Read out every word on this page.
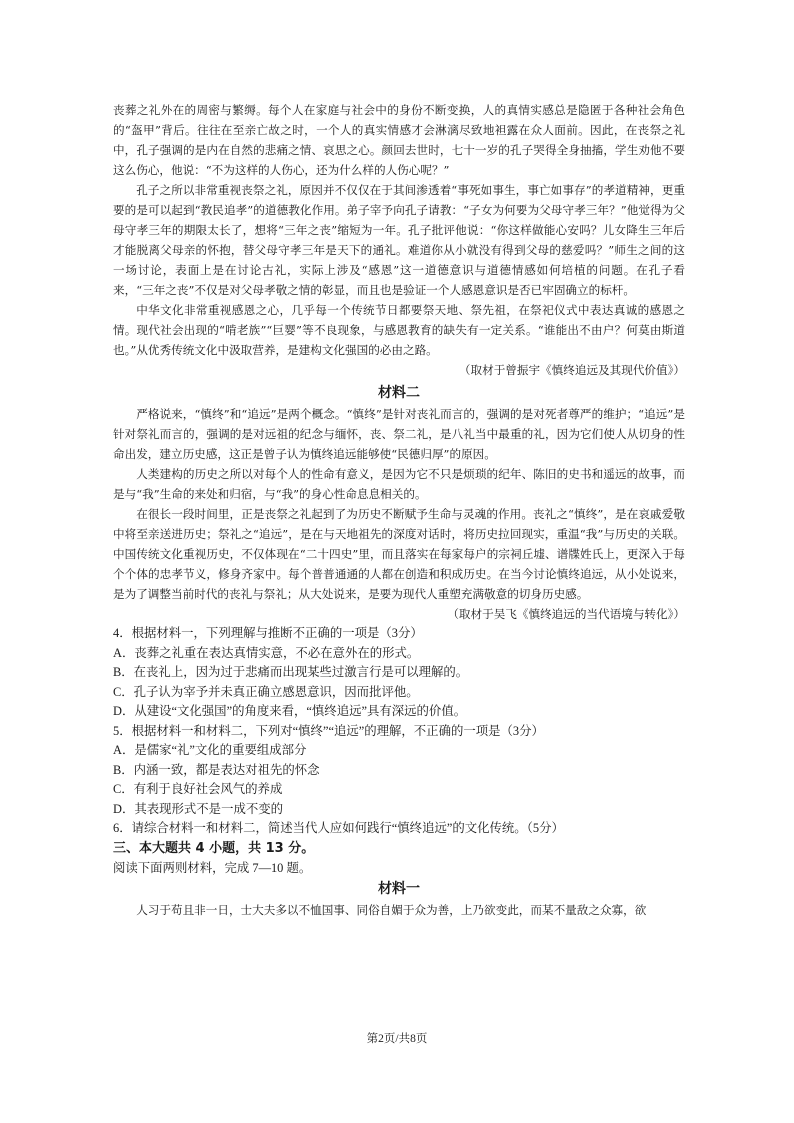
丧葬之礼外在的周密与繁缛。每个人在家庭与社会中的身份不断变换，人的真情实感总是隐匿于各种社会角色的“盔甲”背后。往往在至亲亡故之时，一个人的真实情感才会淋漓尽致地袒露在众人面前。因此，在丧祭之礼中，孔子强调的是内在自然的悲痛之情、哀思之心。颜回去世时，七十一岁的孔子哭得全身抽搐，学生劝他不要这么伤心，他说：“不为这样的人伤心，还为什么样的人伤心呢？”

孔子之所以非常重视丧祭之礼，原因并不仅仅在于其间渗透着“事死如事生，事亡如事存”的孝道精神，更重要的是可以起到“教民追孝”的道德教化作用。弟子宰予向孔子请教：“子女为何要为父母守孝三年？”他觉得为父母守孝三年的期限太长了，想将“三年之丧”缩短为一年。孔子批评他说：“你这样做能心安吗？儿女降生三年后才能脱离父母亲的怀抱，替父母守孝三年是天下的通礼。难道你从小就没有得到父母的慈爱吗？”师生之间的这一场讨论，表面上是在讨论古礼，实际上涉及“感恩”这一道德意识与道德情感如何培植的问题。在孔子看来，“三年之丧”不仅是对父母孝敬之情的彰显，而且也是验证一个人感恩意识是否已牢固确立的标杆。

中华文化非常重视感恩之心，几乎每一个传统节日都要祭天地、祭先祖，在祭祀仪式中表达真诚的感恩之情。现代社会出现的“啃老族”“巨婴”等不良现象，与感恩教育的缺失有一定关系。“谁能出不由户？何莫由斯道也。”从优秀传统文化中汲取营养，是建构文化强国的必由之路。

（取材于曾振宇《慎终追远及其现代价值》）

材料二

严格说来，“慎终”和“追远”是两个概念。“慎终”是针对丧礼而言的，强调的是对死者尊严的维护；“追远”是针对祭礼而言的，强调的是对远祖的纪念与缅怀，丧、祭二礼，是八礼当中最重的礼，因为它们使人从切身的性命出发，建立历史感，这正是曾子认为慎终追远能够使“民德归厚”的原因。

人类建构的历史之所以对每个人的性命有意义，是因为它不只是烦琐的纪年、陈旧的史书和遥远的故事，而是与“我”生命的来处和归宿，与“我”的身心性命息息相关的。

在很长一段时间里，正是丧祭之礼起到了为历史不断赋予生命与灵魂的作用。丧礼之“慎终”，是在哀戚爱敬中将至亲送进历史；祭礼之“追远”，是在与天地祖先的深度对话时，将历史拉回现实，重温“我”与历史的关联。中国传统文化重视历史，不仅体现在“二十四史”里，而且落实在每家每户的宗祠丘墟、谱牒姓氏上，更深入于每个个体的忠孝节义，修身齐家中。每个普普通通的人都在创造和积成历史。在当今讨论慎终追远，从小处说来，是为了调整当前时代的丧礼与祭礼；从大处说来，是要为现代人重塑充满敬意的切身历史感。

（取材于吴飞《慎终追远的当代语境与转化》）

4．根据材料一，下列理解与推断不正确的一项是（3分）

A．丧葬之礼重在表达真情实意，不必在意外在的形式。

B．在丧礼上，因为过于悲痛而出现某些过激言行是可以理解的。

C．孔子认为宰予并未真正确立感恩意识，因而批评他。

D．从建设“文化强国”的角度来看，“慎终追远”具有深远的价值。

5．根据材料一和材料二，下列对“慎终”“追远”的理解，不正确的一项是（3分）

A．是儒家“礼”文化的重要组成部分

B．内涵一致，都是表达对祖先的怀念

C．有利于良好社会风气的养成

D．其表现形式不是一成不变的

6．请综合材料一和材料二，简述当代人应如何践行“慎终追远”的文化传统。（5分）

三、本大题共 4 小题，共 13 分。

阅读下面两则材料，完成 7—10 题。

材料一

人习于苟且非一日，士大夫多以不恤国事、同俗自媚于众为善，上乃欲变此，而某不量敌之众寡，欲

第2页/共8页
